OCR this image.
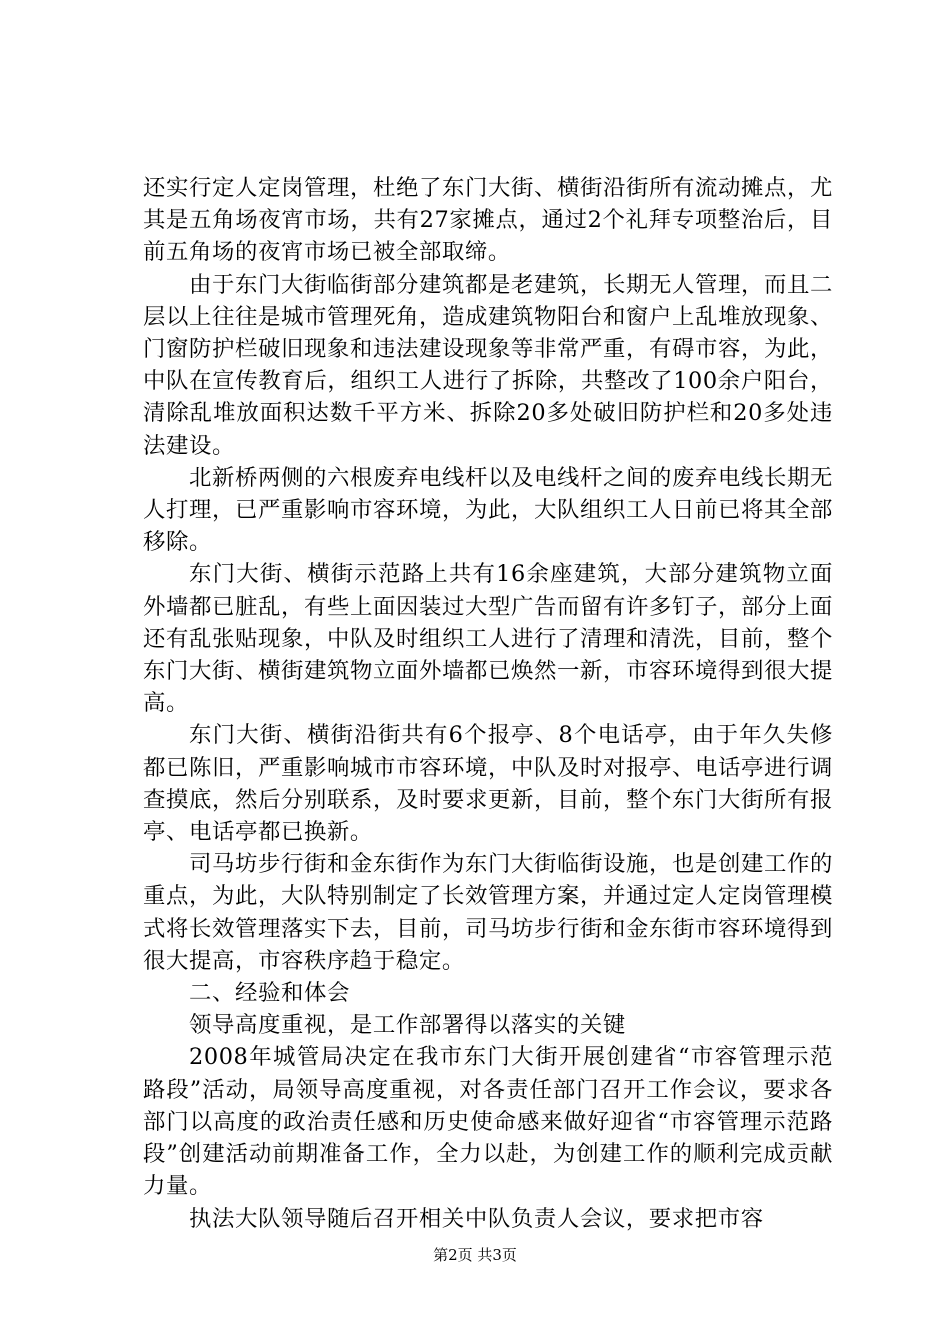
还实行定人定岗管理，杜绝了东门大街、横街沿街所有流动摊点，尤其是五角场夜宵市场，共有27家摊点，通过2个礼拜专项整治后，目前五角场的夜宵市场已被全部取缔。

由于东门大街临街部分建筑都是老建筑，长期无人管理，而且二层以上往往是城市管理死角，造成建筑物阳台和窗户上乱堆放现象、门窗防护栏破旧现象和违法建设现象等非常严重，有碍市容，为此，中队在宣传教育后，组织工人进行了拆除，共整改了100余户阳台，清除乱堆放面积达数千平方米、拆除20多处破旧防护栏和20多处违法建设。

北新桥两侧的六根废弃电线杆以及电线杆之间的废弃电线长期无人打理，已严重影响市容环境，为此，大队组织工人日前已将其全部移除。

东门大街、横街示范路上共有16余座建筑，大部分建筑物立面外墙都已脏乱，有些上面因装过大型广告而留有许多钉子，部分上面还有乱张贴现象，中队及时组织工人进行了清理和清洗，目前，整个东门大街、横街建筑物立面外墙都已焕然一新，市容环境得到很大提高。

东门大街、横街沿街共有6个报亭、8个电话亭，由于年久失修都已陈旧，严重影响城市市容环境，中队及时对报亭、电话亭进行调查摸底，然后分别联系，及时要求更新，目前，整个东门大街所有报亭、电话亭都已换新。

司马坊步行街和金东街作为东门大街临街设施，也是创建工作的重点，为此，大队特别制定了长效管理方案，并通过定人定岗管理模式将长效管理落实下去，目前，司马坊步行街和金东街市容环境得到很大提高，市容秩序趋于稳定。

二、经验和体会

领导高度重视，是工作部署得以落实的关键

2008年城管局决定在我市东门大街开展创建省“市容管理示范路段”活动，局领导高度重视，对各责任部门召开工作会议，要求各部门以高度的政治责任感和历史使命感来做好迎省“市容管理示范路段”创建活动前期准备工作，全力以赴，为创建工作的顺利完成贡献力量。

执法大队领导随后召开相关中队负责人会议，要求把市容

第2页 共3页
